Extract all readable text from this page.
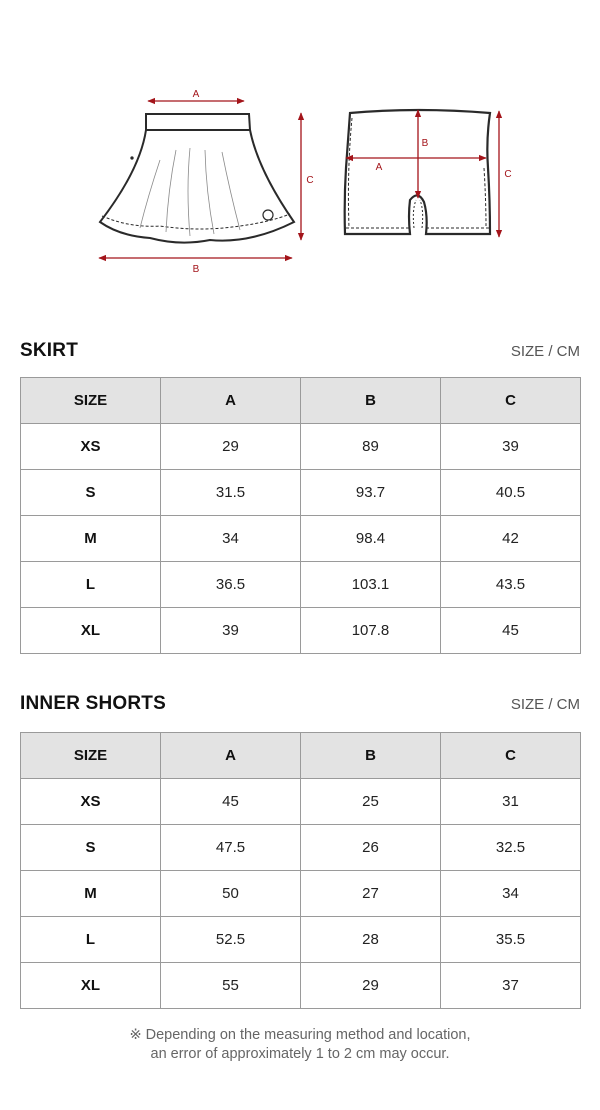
A
B
C
A
B
C
SKIRT	SIZE / CM
SIZE	A	B	C
XS	29	89	39
S	31.5	93.7	40.5
M	34	98.4	42
L	36.5	103.1	43.5
XL	39	107.8	45
INNER SHORTS	SIZE / CM
SIZE	A	B	C
XS	45	25	31
S	47.5	26	32.5
M	50	27	34
L	52.5	28	35.5
XL	55	29	37
※ Depending on the measuring method and location,
an error of approximately 1 to 2 cm may occur.
